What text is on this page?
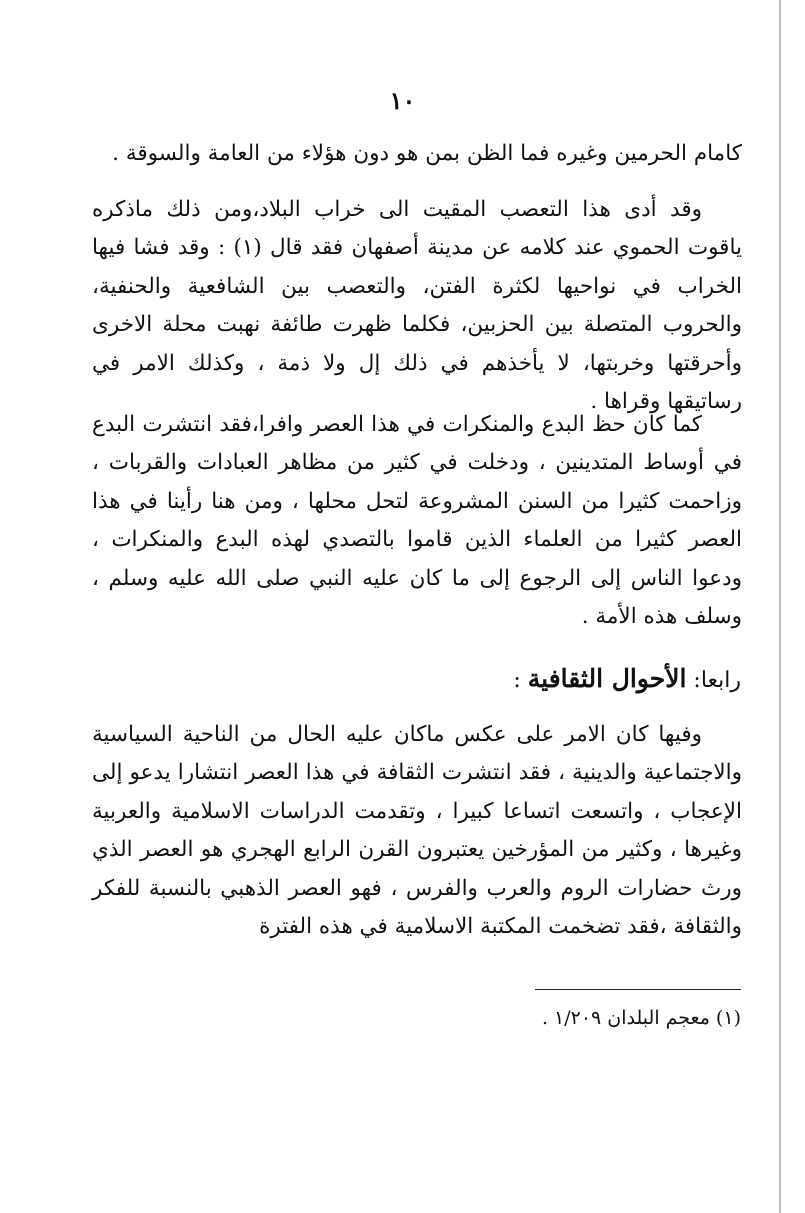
١٠

كامام الحرمين وغيره فما الظن بمن هو دون هؤلاء من العامة والسوقة .

وقد أدى هذا التعصب المقيت الى خراب البلاد،ومن ذلك ماذكره ياقوت الحموي عند كلامه عن مدينة أصفهان فقد قال (١) : وقد فشا فيها الخراب في نواحيها لكثرة الفتن، والتعصب بين الشافعية والحنفية، والحروب المتصلة بين الحزبين، فكلما ظهرت طائفة نهبت محلة الاخرى وأحرقتها وخربتها، لا يأخذهم في ذلك إل ولا ذمة ، وكذلك الامر في رساتيقها وقراها .

كما كان حظ البدع والمنكرات في هذا العصر وافرا،فقد انتشرت البدع في أوساط المتدينين ، ودخلت في كثير من مظاهر العبادات والقربات ، وزاحمت كثيرا من السنن المشروعة لتحل محلها ، ومن هنا رأينا في هذا العصر كثيرا من العلماء الذين قاموا بالتصدي لهذه البدع والمنكرات ، ودعوا الناس إلى الرجوع إلى ما كان عليه النبي صلى الله عليه وسلم ، وسلف هذه الأمة .

رابعا: الأحوال الثقافية :

وفيها كان الامر على عكس ماكان عليه الحال من الناحية السياسية والاجتماعية والدينية ، فقد انتشرت الثقافة في هذا العصر انتشارا يدعو إلى الإعجاب ، واتسعت اتساعا كبيرا ، وتقدمت الدراسات الاسلامية والعربية وغيرها ، وكثير من المؤرخين يعتبرون القرن الرابع الهجري هو العصر الذي ورث حضارات الروم والعرب والفرس ، فهو العصر الذهبي بالنسبة للفكر والثقافة ،فقد تضخمت المكتبة الاسلامية في هذه الفترة

(١) معجم البلدان ١/٢٠٩ .
